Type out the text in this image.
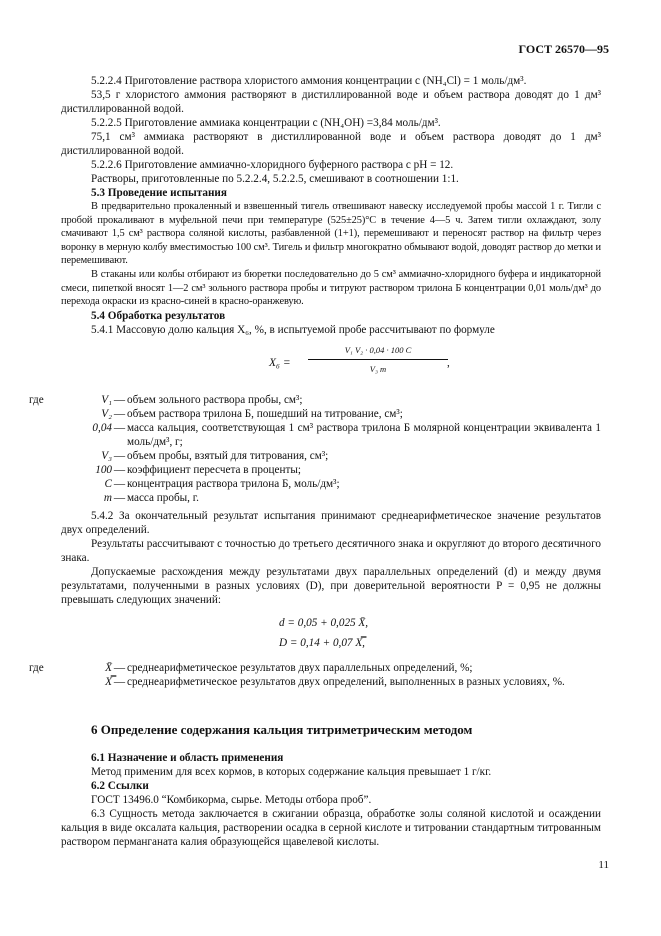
ГОСТ 26570—95

5.2.2.4 Приготовление раствора хлористого аммония концентрации c (NH₄Cl) = 1 моль/дм³.

53,5 г хлористого аммония растворяют в дистиллированной воде и объем раствора доводят до 1 дм³ дистиллированной водой.

5.2.2.5 Приготовление аммиака концентрации c (NH₄OH) =3,84 моль/дм³.

75,1 см³ аммиака растворяют в дистиллированной воде и объем раствора доводят до 1 дм³ дистиллированной водой.

5.2.2.6 Приготовление аммиачно-хлоридного буферного раствора с рН = 12.

Растворы, приготовленные по 5.2.2.4, 5.2.2.5, смешивают в соотношении 1:1.

5.3 Проведение испытания

В предварительно прокаленный и взвешенный тигель отвешивают навеску исследуемой пробы массой 1 г. Тигли с пробой прокаливают в муфельной печи при температуре (525±25)°С в течение 4—5 ч. Затем тигли охлаждают, золу смачивают 1,5 см³ раствора соляной кислоты, разбавленной (1+1), перемешивают и переносят раствор на фильтр через воронку в мерную колбу вместимостью 100 см³. Тигель и фильтр многократно обмывают водой, доводят раствор до метки и перемешивают.

В стаканы или колбы отбирают из бюретки последовательно до 5 см³ аммиачно-хлоридного буфера и индикаторной смеси, пипеткой вносят 1—2 см³ зольного раствора пробы и титруют раствором трилона Б концентрации 0,01 моль/дм³ до перехода окраски из красно-синей в красно-оранжевую.

5.4 Обработка результатов

5.4.1 Массовую долю кальция X₆, %, в испытуемой пробе рассчитывают по формуле

$X_6 = \frac{\text{V₁ V₂ · 0,04 · 100 C}}{\text{V₃ m}}$ ,
где	V₁ — объем зольного раствора пробы, см³;
V₂ — объем раствора трилона Б, пошедший на титрование, см³;
0,04 — масса кальция, соответствующая 1 см³ раствора трилона Б молярной концентрации эквивалента 1 моль/дм³, г;
V₃ — объем пробы, взятый для титрования, см³;
100 — коэффициент пересчета в проценты;
C — концентрация раствора трилона Б, моль/дм³;
m — масса пробы, г.

5.4.2 За окончательный результат испытания принимают среднеарифметическое значение результатов двух определений.

Результаты рассчитывают с точностью до третьего десятичного знака и округляют до второго десятичного знака.

Допускаемые расхождения между результатами двух параллельных определений (d) и между двумя результатами, полученными в разных условиях (D), при доверительной вероятности P = 0,95 не должны превышать следующих значений:

d = 0,05 + 0,025 X̄,

D = 0,14 + 0,07 X̿,

где	X̄ — среднеарифметическое результатов двух параллельных определений, %;
X̿ — среднеарифметическое результатов двух определений, выполненных в разных условиях, %.

6 Определение содержания кальция титриметрическим методом

6.1 Назначение и область применения

Метод применим для всех кормов, в которых содержание кальция превышает 1 г/кг.

6.2 Ссылки

ГОСТ 13496.0 “Комбикорма, сырье. Методы отбора проб”.

6.3 Сущность метода заключается в сжигании образца, обработке золы соляной кислотой и осаждении кальция в виде оксалата кальция, растворении осадка в серной кислоте и титровании стандартным титрованным раствором перманганата калия образующейся щавелевой кислоты.

11
